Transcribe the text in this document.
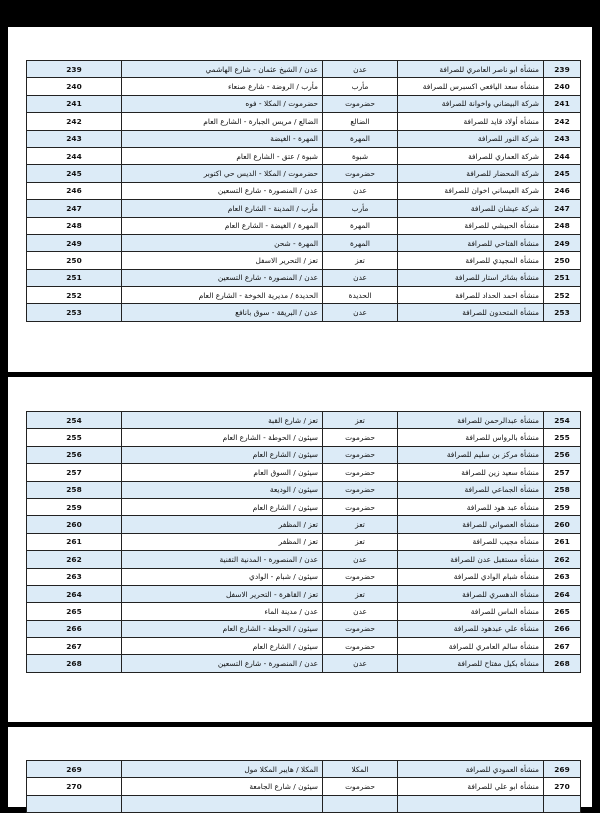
239	عدن / الشيخ عثمان - شارع الهاشمي	عدن	منشأة ابو ناصر العامري للصرافة	239
240	مأرب / الروضة - شارع صنعاء	مأرب	منشأة سعد اليافعي اكسبرس للصرافة	240
241	حضرموت / المكلا - فوه	حضرموت	شركة البيضاني واخوانة للصرافة	241
242	الضالع / مريس الجبارة - الشارع العام	الضالع	منشأة أولاد قايد للصرافة	242
243	المهرة - الغيضة	المهرة	شركة النور للصرافة	243
244	شبوة / عتق - الشارع العام	شبوة	شركة العماري للصرافة	244
245	حضرموت / المكلا - الديس حي اكتوبر	حضرموت	شركة المحضار للصرافة	245
246	عدن / المنصورة - شارع التسعين	عدن	شركة العيساني اخوان للصرافة	246
247	مأرب / المدينة - الشارع العام	مأرب	شركة عيشان للصرافة	247
248	المهرة / الغيضة - الشارع العام	المهرة	منشأة الحبيشي للصرافة	248
249	المهرة - شحن	المهرة	منشأة الفتاحي للصرافة	249
250	تعز / التحرير الاسفل	تعز	منشأة المجيدي للصرافة	250
251	عدن / المنصورة - شارع التسعين	عدن	منشأة بشائر استار للصرافة	251
252	الحديدة / مديرية الخوخة - الشارع العام	الحديدة	منشأة احمد الحداد للصرافة	252
253	عدن / البريقة - سوق بانافع	عدن	منشأة المتحدون للصرافة	253
254	تعز / شارع القبة	تعز	منشأة عبدالرحمن للصرافة	254
255	سيئون / الحوطة - الشارع العام	حضرموت	منشأة بالرواس للصرافة	255
256	سيئون / الشارع العام	حضرموت	منشأة مركز بن سليم للصرافة	256
257	سيئون / السوق العام	حضرموت	منشأة سعيد زين للصرافة	257
258	سيئون / الوديعة	حضرموت	منشأة الجماعي للصرافة	258
259	سيئون / الشارع العام	حضرموت	منشأة عبد هود للصرافة	259
260	تعز / المظفر	تعز	منشأة العصواني للصرافة	260
261	تعز / المظفر	تعز	منشأة مجيب للصرافة	261
262	عدن / المنصورة - المدنية التقنية	عدن	منشأة مستقبل عدن للصرافة	262
263	سيئون / شبام - الوادي	حضرموت	منشأة شبام الوادي للصرافة	263
264	تعز / القاهرة - التحرير الاسفل	تعز	منشأة الدهسري للصرافة	264
265	عدن / مدينة الماء	عدن	منشأة الماس للصرافة	265
266	سيئون / الحوطة - الشارع العام	حضرموت	منشأة علي عبدهود للصرافة	266
267	سيئون / الشارع العام	حضرموت	منشأة سالم العامري للصرافة	267
268	عدن / المنصورة - شارع التسعين	عدن	منشأة بكيل مفتاح للصرافة	268
269	المكلا / هايبر المكلا مول	المكلا	منشأة العمودي للصرافة	269
270	سيئون / شارع الجامعة	حضرموت	منشأة ابو علي للصرافة	270
